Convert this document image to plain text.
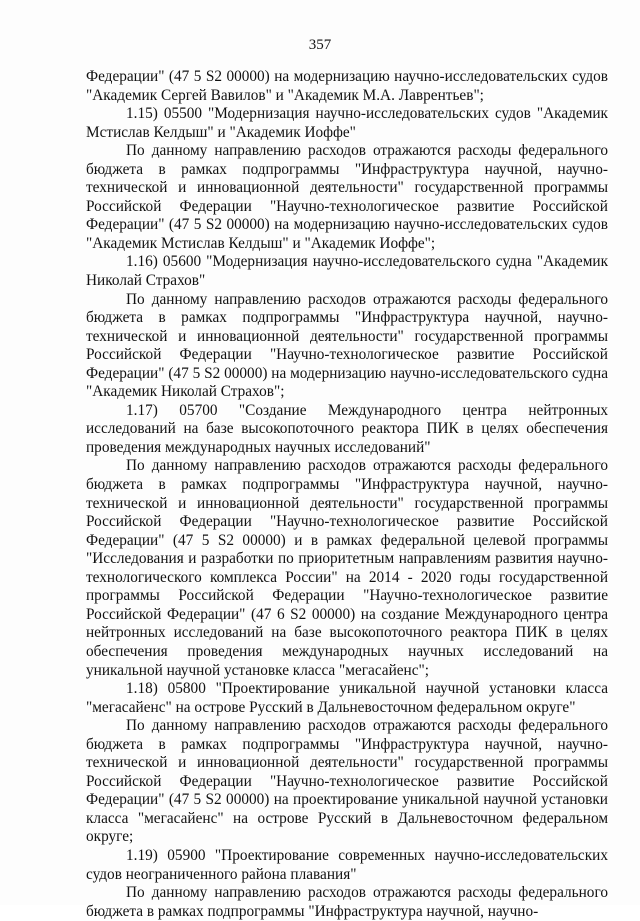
357

Федерации" (47 5 S2 00000) на модернизацию научно-исследовательских судов "Академик Сергей Вавилов" и "Академик М.А. Лаврентьев";

1.15) 05500 "Модернизация научно-исследовательских судов "Академик Мстислав Келдыш" и "Академик Иоффе"

По данному направлению расходов отражаются расходы федерального бюджета в рамках подпрограммы "Инфраструктура научной, научно-технической и инновационной деятельности" государственной программы Российской Федерации "Научно-технологическое развитие Российской Федерации" (47 5 S2 00000) на модернизацию научно-исследовательских судов "Академик Мстислав Келдыш" и "Академик Иоффе";

1.16) 05600 "Модернизация научно-исследовательского судна "Академик Николай Страхов"

По данному направлению расходов отражаются расходы федерального бюджета в рамках подпрограммы "Инфраструктура научной, научно-технической и инновационной деятельности" государственной программы Российской Федерации "Научно-технологическое развитие Российской Федерации" (47 5 S2 00000) на модернизацию научно-исследовательского судна "Академик Николай Страхов";

1.17) 05700 "Создание Международного центра нейтронных исследований на базе высокопоточного реактора ПИК в целях обеспечения проведения международных научных исследований"

По данному направлению расходов отражаются расходы федерального бюджета в рамках подпрограммы "Инфраструктура научной, научно-технической и инновационной деятельности" государственной программы Российской Федерации "Научно-технологическое развитие Российской Федерации" (47 5 S2 00000) и в рамках федеральной целевой программы "Исследования и разработки по приоритетным направлениям развития научно-технологического комплекса России" на 2014 - 2020 годы государственной программы Российской Федерации "Научно-технологическое развитие Российской Федерации" (47 6 S2 00000) на создание Международного центра нейтронных исследований на базе высокопоточного реактора ПИК в целях обеспечения проведения международных научных исследований на уникальной научной установке класса "мегасайенс";

1.18) 05800 "Проектирование уникальной научной установки класса "мегасайенс" на острове Русский в Дальневосточном федеральном округе"

По данному направлению расходов отражаются расходы федерального бюджета в рамках подпрограммы "Инфраструктура научной, научно-технической и инновационной деятельности" государственной программы Российской Федерации "Научно-технологическое развитие Российской Федерации" (47 5 S2 00000) на проектирование уникальной научной установки класса "мегасайенс" на острове Русский в Дальневосточном федеральном округе;

1.19) 05900 "Проектирование современных научно-исследовательских судов неограниченного района плавания"

По данному направлению расходов отражаются расходы федерального бюджета в рамках подпрограммы "Инфраструктура научной, научно-
